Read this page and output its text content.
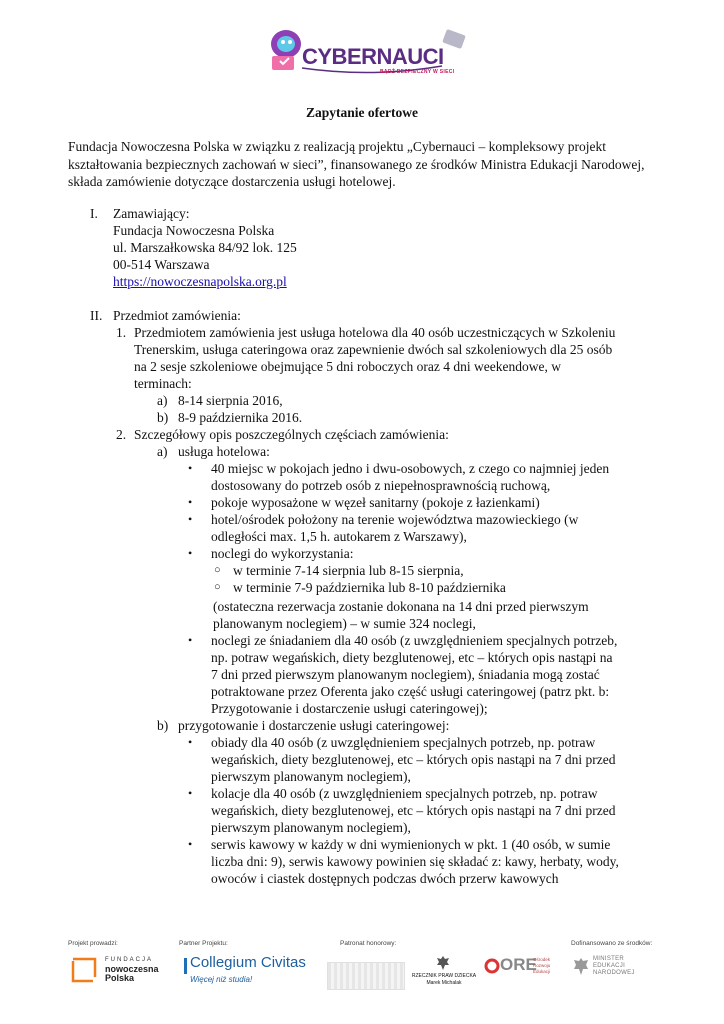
CYBERNAUCI
BĄDŹ BEZPIECZNY W SIECI
Zapytanie ofertowe
Fundacja Nowoczesna Polska w związku z realizacją projektu „Cybernauci – kompleksowy projekt kształtowania bezpiecznych zachowań w sieci”, finansowanego ze środków Ministra Edukacji Narodowej, składa zamówienie dotyczące dostarczenia usługi hotelowej.
I. Zamawiający:
Fundacja Nowoczesna Polska
ul. Marszałkowska 84/92 lok. 125
00-514 Warszawa
https://nowoczesnapolska.org.pl
II. Przedmiot zamówienia:
1. Przedmiotem zamówienia jest usługa hotelowa dla 40 osób uczestniczących w Szkoleniu
Trenerskim, usługa cateringowa oraz zapewnienie dwóch sal szkoleniowych dla 25 osób
na 2 sesje szkoleniowe obejmujące 5 dni roboczych oraz 4 dni weekendowe, w
terminach:
a) 8-14 sierpnia 2016,
b) 8-9 października 2016.
2. Szczegółowy opis poszczególnych częściach zamówienia:
a) usługa hotelowa:
• 40 miejsc w pokojach jedno i dwu-osobowych, z czego co najmniej jeden
dostosowany do potrzeb osób z niepełnosprawnością ruchową,
• pokoje wyposażone w węzeł sanitarny (pokoje z łazienkami)
• hotel/ośrodek położony na terenie województwa mazowieckiego (w
odległości max. 1,5 h. autokarem z Warszawy),
• noclegi do wykorzystania:
○ w terminie 7-14 sierpnia lub 8-15 sierpnia,
○ w terminie 7-9 października lub 8-10 października
(ostateczna rezerwacja zostanie dokonana na 14 dni przed pierwszym
planowanym noclegiem) – w sumie 324 noclegi,
• noclegi ze śniadaniem dla 40 osób (z uwzględnieniem specjalnych potrzeb,
np. potraw wegańskich, diety bezglutenowej, etc – których opis nastąpi na
7 dni przed pierwszym planowanym noclegiem), śniadania mogą zostać
potraktowane przez Oferenta jako część usługi cateringowej (patrz pkt. b:
Przygotowanie i dostarczenie usługi cateringowej);
b) przygotowanie i dostarczenie usługi cateringowej:
• obiady dla 40 osób (z uwzględnieniem specjalnych potrzeb, np. potraw
wegańskich, diety bezglutenowej, etc – których opis nastąpi na 7 dni przed
pierwszym planowanym noclegiem),
• kolacje dla 40 osób (z uwzględnieniem specjalnych potrzeb, np. potraw
wegańskich, diety bezglutenowej, etc – których opis nastąpi na 7 dni przed
pierwszym planowanym noclegiem),
• serwis kawowy w każdy w dni wymienionych w pkt. 1 (40 osób, w sumie
liczba dni: 9), serwis kawowy powinien się składać z: kawy, herbaty, wody,
owoców i ciastek dostępnych podczas dwóch przerw kawowych
Projekt prowadzi:	Partner Projektu:	Patronat honorowy:	Dofinansowano ze środków:
FUNDACJA
nowoczesna
Polska
Collegium Civitas
Więcej niż studia!	RZECZNIK PRAW DZIECKA
Marek Michalak
ORE
Ośrodek
Rozwoju
Edukacji
MINISTER
EDUKACJI
NARODOWEJ
